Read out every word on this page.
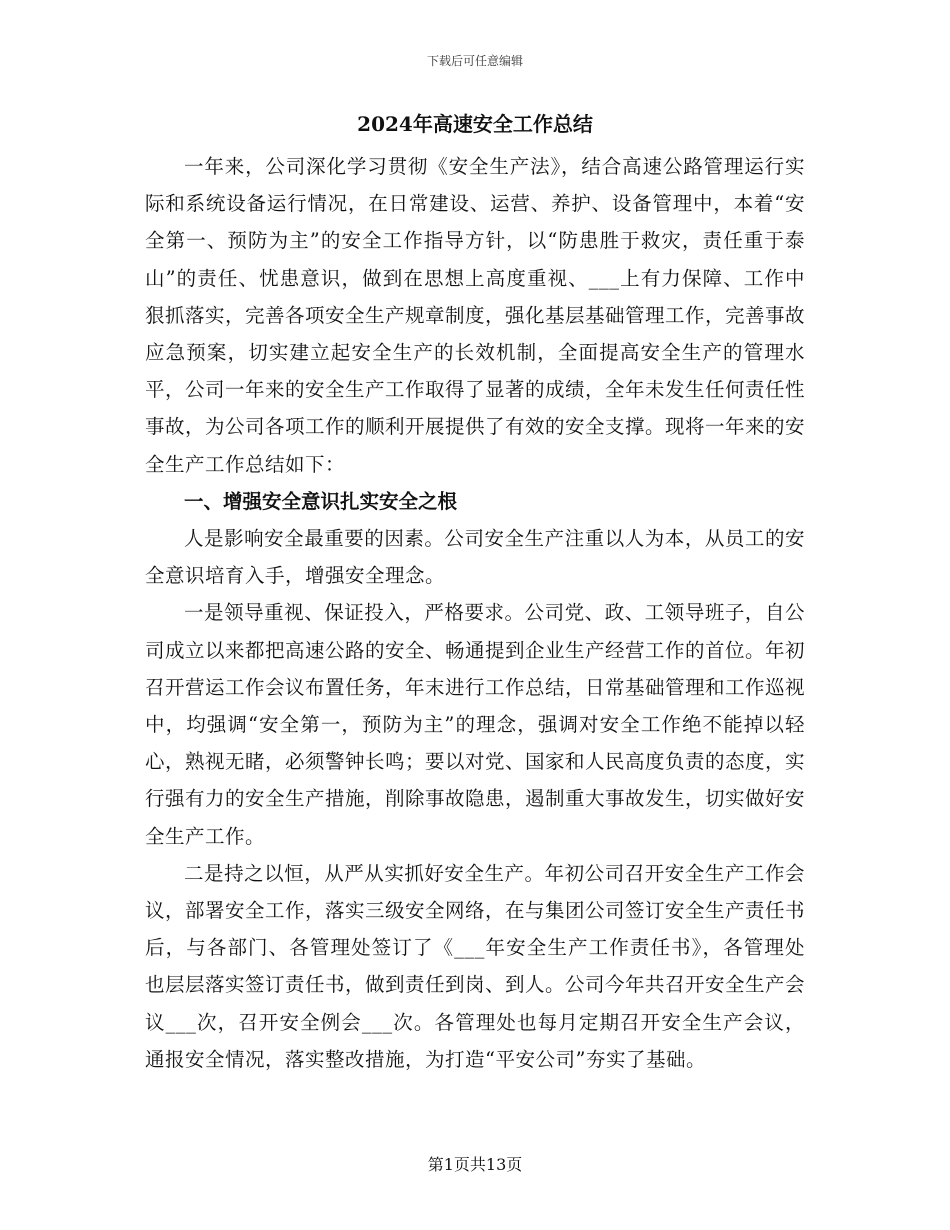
下载后可任意编辑
2024年高速安全工作总结

一年来，公司深化学习贯彻《安全生产法》，结合高速公路管理运行实际和系统设备运行情况，在日常建设、运营、养护、设备管理中，本着“安全第一、预防为主”的安全工作指导方针，以“防患胜于救灾，责任重于泰山”的责任、忧患意识，做到在思想上高度重视、___上有力保障、工作中狠抓落实，完善各项安全生产规章制度，强化基层基础管理工作，完善事故应急预案，切实建立起安全生产的长效机制，全面提高安全生产的管理水平，公司一年来的安全生产工作取得了显著的成绩，全年未发生任何责任性事故，为公司各项工作的顺利开展提供了有效的安全支撑。现将一年来的安全生产工作总结如下：

一、增强安全意识扎实安全之根

人是影响安全最重要的因素。公司安全生产注重以人为本，从员工的安全意识培育入手，增强安全理念。

一是领导重视、保证投入，严格要求。公司党、政、工领导班子，自公司成立以来都把高速公路的安全、畅通提到企业生产经营工作的首位。年初召开营运工作会议布置任务，年末进行工作总结，日常基础管理和工作巡视中，均强调“安全第一，预防为主”的理念，强调对安全工作绝不能掉以轻心，熟视无睹，必须警钟长鸣；要以对党、国家和人民高度负责的态度，实行强有力的安全生产措施，削除事故隐患，遏制重大事故发生，切实做好安全生产工作。

二是持之以恒，从严从实抓好安全生产。年初公司召开安全生产工作会议，部署安全工作，落实三级安全网络，在与集团公司签订安全生产责任书后，与各部门、各管理处签订了《___年安全生产工作责任书》，各管理处也层层落实签订责任书，做到责任到岗、到人。公司今年共召开安全生产会议___次，召开安全例会___次。各管理处也每月定期召开安全生产会议，通报安全情况，落实整改措施，为打造“平安公司”夯实了基础。

第1页共13页
